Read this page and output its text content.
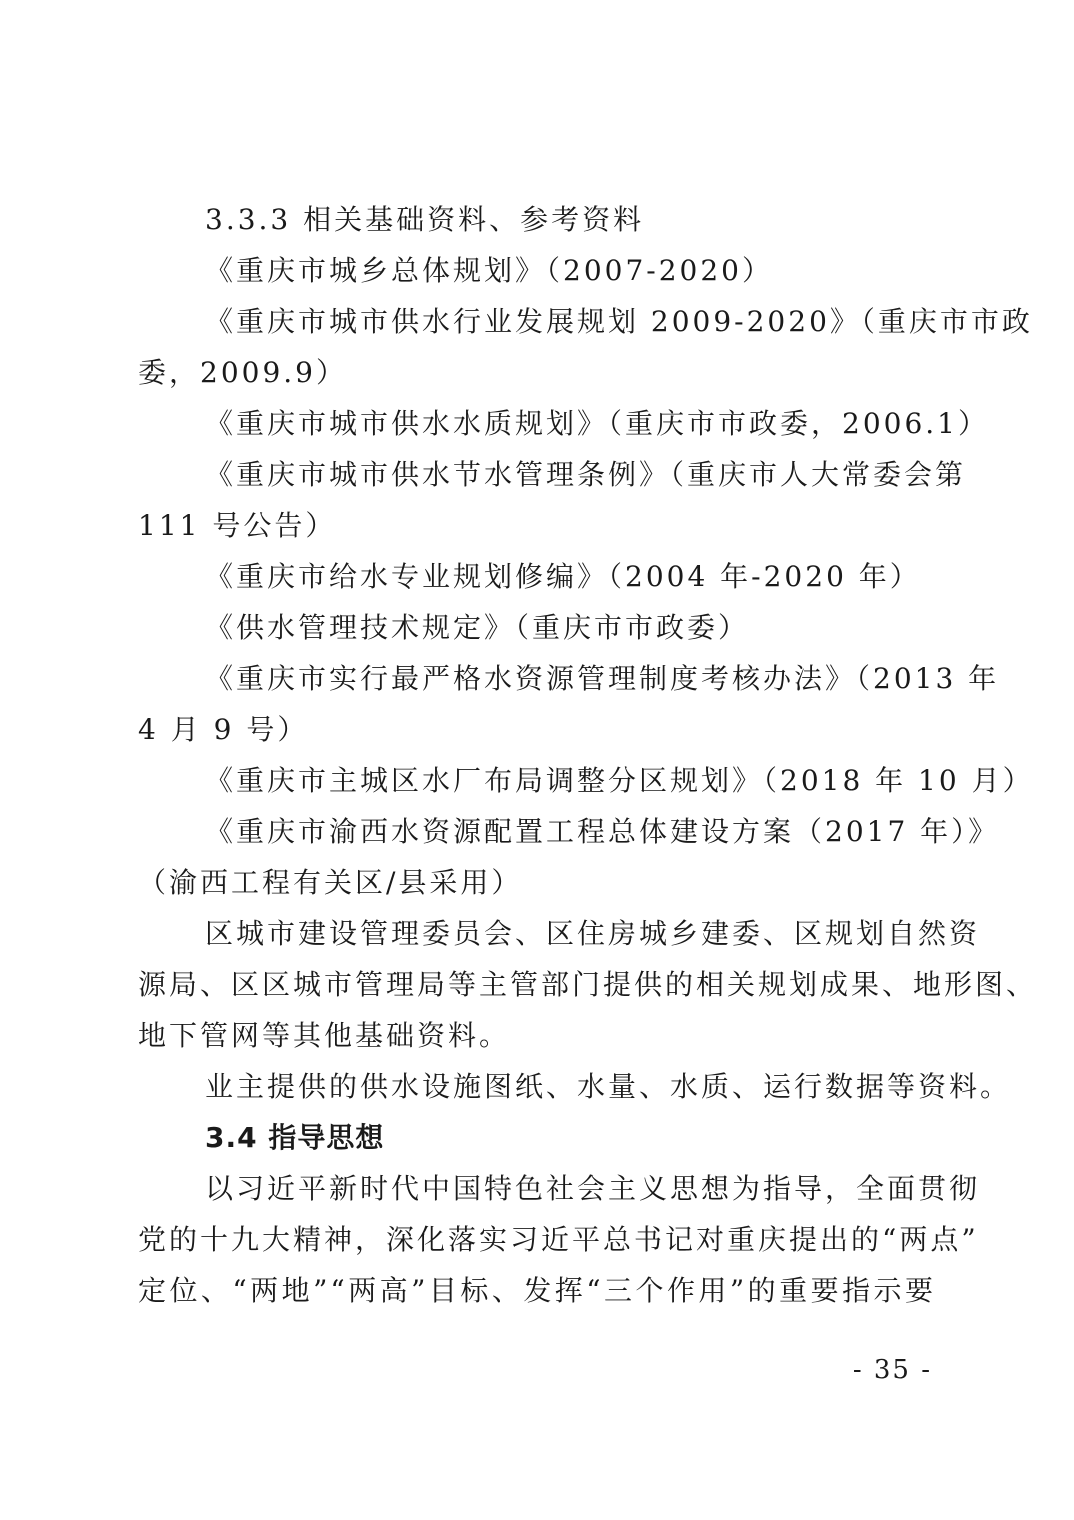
3.3.3 相关基础资料、参考资料
《重庆市城乡总体规划》（2007-2020）
《重庆市城市供水行业发展规划 2009-2020》（重庆市市政
委，2009.9）
《重庆市城市供水水质规划》（重庆市市政委，2006.1）
《重庆市城市供水节水管理条例》（重庆市人大常委会第
111 号公告）
《重庆市给水专业规划修编》（2004 年-2020 年）
《供水管理技术规定》（重庆市市政委）
《重庆市实行最严格水资源管理制度考核办法》（2013 年
4 月 9 号）
《重庆市主城区水厂布局调整分区规划》（2018 年 10 月）
《重庆市渝西水资源配置工程总体建设方案（2017 年）》
（渝西工程有关区/县采用）
区城市建设管理委员会、区住房城乡建委、区规划自然资
源局、区区城市管理局等主管部门提供的相关规划成果、地形图、
地下管网等其他基础资料。
业主提供的供水设施图纸、水量、水质、运行数据等资料。
3.4 指导思想
以习近平新时代中国特色社会主义思想为指导，全面贯彻
党的十九大精神，深化落实习近平总书记对重庆提出的“两点”
定位、“两地”“两高”目标、发挥“三个作用”的重要指示要
- 35 -
